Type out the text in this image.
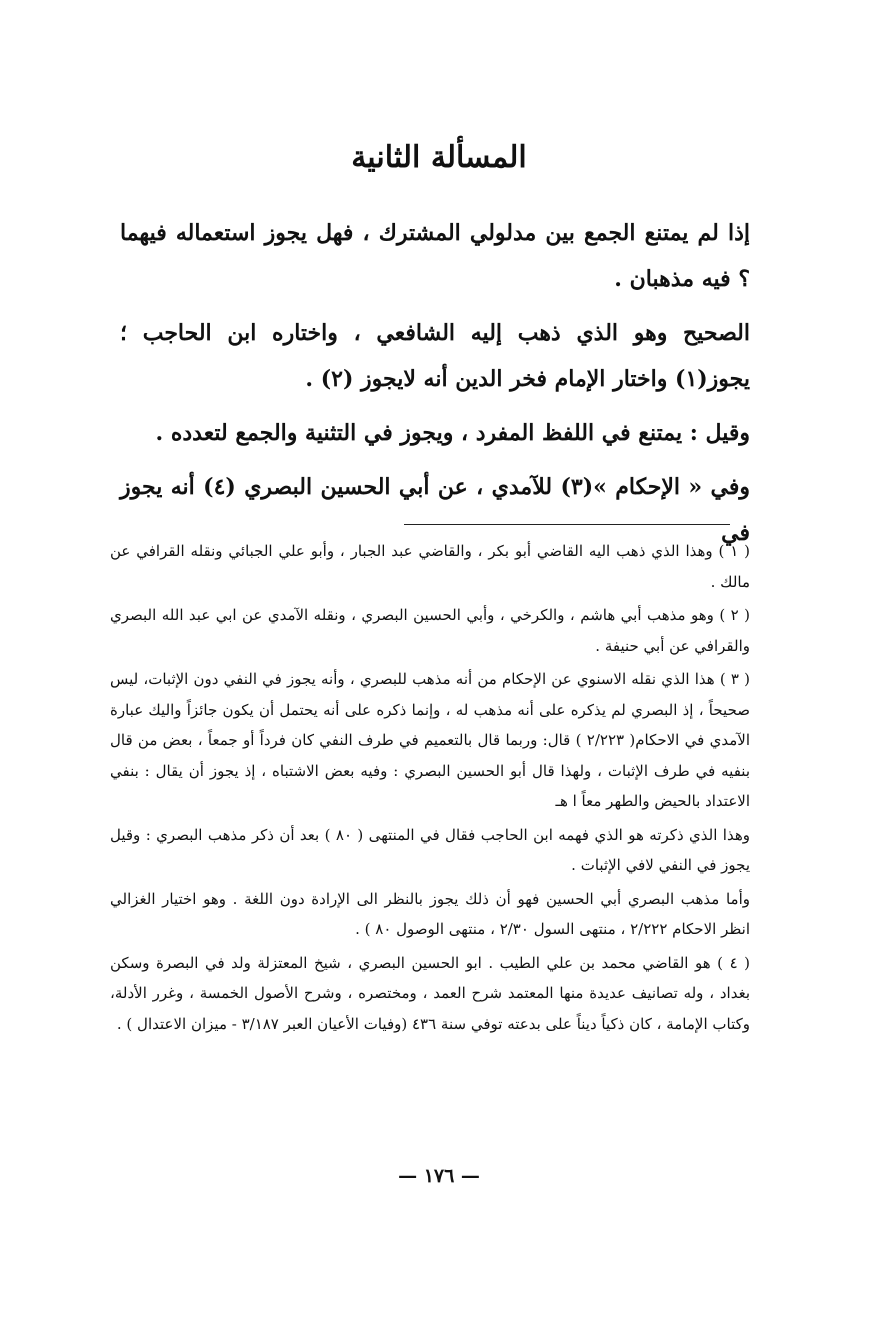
المسألة الثانية

إذا لم يمتنع الجمع بين مدلولي المشترك ، فهل يجوز استعماله فيهما ؟ فيه مذهبان .

الصحيح وهو الذي ذهب إليه الشافعي ، واختاره ابن الحاجب ؛ يجوز(١) واختار الإمام فخر الدين أنه لايجوز (٢) .

وقيل : يمتنع في اللفظ المفرد ، ويجوز في التثنية والجمع لتعدده .

وفي « الإحكام »(٣) للآمدي ، عن أبي الحسين البصري (٤) أنه يجوز في

( ١ ) وهذا الذي ذهب اليه القاضي أبو بكر ، والقاضي عبد الجبار ، وأبو علي الجبائي ونقله القرافي عن مالك .

( ٢ ) وهو مذهب أبي هاشم ، والكرخي ، وأبي الحسين البصري ، ونقله الآمدي عن ابي عبد الله البصري والقرافي عن أبي حنيفة .

( ٣ ) هذا الذي نقله الاسنوي عن الإحكام من أنه مذهب للبصري ، وأنه يجوز في النفي دون الإثبات، ليس صحيحاً ، إذ البصري لم يذكره على أنه مذهب له ، وإنما ذكره على أنه يحتمل أن يكون جائزاً واليك عبارة الآمدي في الاحكام( ٢/٢٢٣ ) قال: وربما قال بالتعميم في طرف النفي كان فرداً أو جمعاً ، بعض من قال بنفيه في طرف الإثبات ، ولهذا قال أبو الحسين البصري : وفيه بعض الاشتباه ، إذ يجوز أن يقال : بنفي الاعتداد بالحيض والطهر معاً ا هـ

وهذا الذي ذكرته هو الذي فهمه ابن الحاجب فقال في المنتهى ( ٨٠ ) بعد أن ذكر مذهب البصري : وقيل يجوز في النفي لافي الإثبات .

وأما مذهب البصري أبي الحسين فهو أن ذلك يجوز بالنظر الى الإرادة دون اللغة . وهو اختيار الغزالي انظر الاحكام ٢/٢٢٢ ، منتهى السول ٢/٣٠ ، منتهى الوصول ٨٠ ) .

( ٤ ) هو القاضي محمد بن علي الطيب . ابو الحسين البصري ، شيخ المعتزلة ولد في البصرة وسكن بغداد ، وله تصانيف عديدة منها المعتمد شرح العمد ، ومختصره ، وشرح الأصول الخمسة ، وغرر الأدلة، وكتاب الإمامة ، كان ذكياً ديناً على بدعته توفي سنة ٤٣٦ (وفيات الأعيان العبر ٣/١٨٧ - ميزان الاعتدال ) .

— ١٧٦ —
